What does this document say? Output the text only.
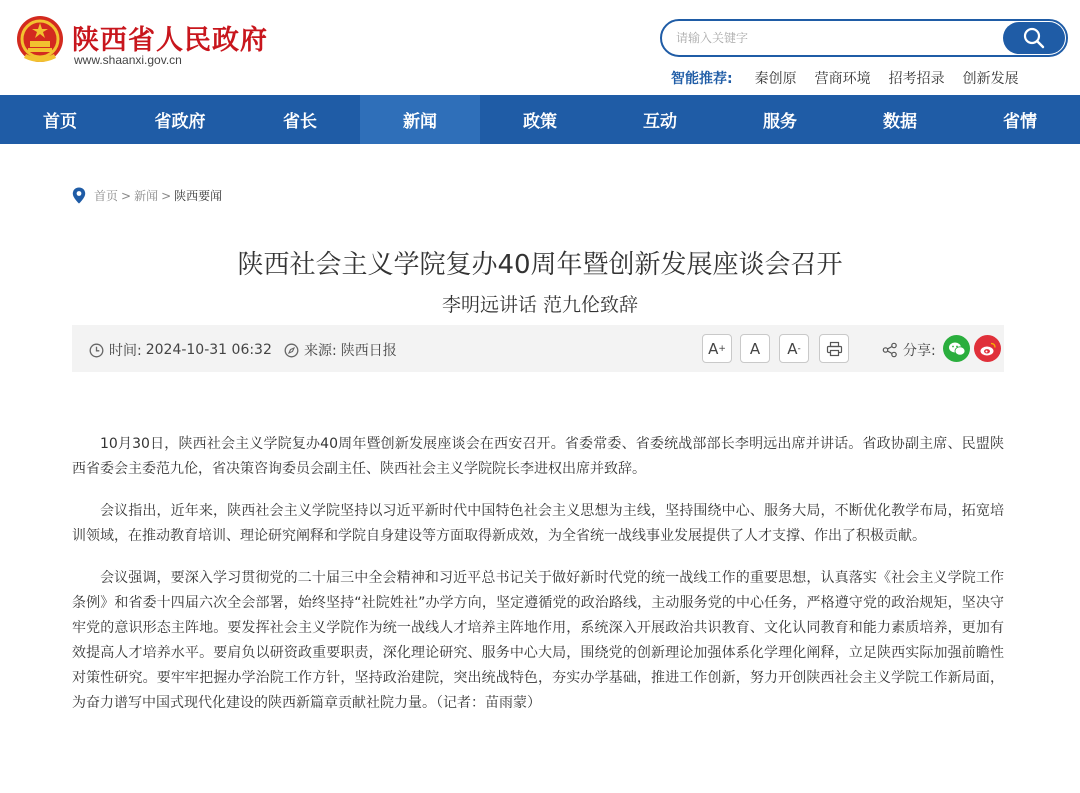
陕西省人民政府
www.shaanxi.gov.cn
请输入关键字
智能推荐: 秦创原 营商环境 招考招录 创新发展
首页	省政府	省长	新闻	政策	互动	服务	数据	省情
首页 > 新闻 > 陕西要闻
陕西社会主义学院复办40周年暨创新发展座谈会召开
李明远讲话 范九伦致辞
时间: 2024-10-31 06:32 来源: 陕西日报	A + A A -	分享:

10月30日，陕西社会主义学院复办40周年暨创新发展座谈会在西安召开。省委常委、省委统战部部长李明远出席并讲话。省政协副主席、民盟陕西省委会主委范九伦，省决策咨询委员会副主任、陕西社会主义学院院长李进权出席并致辞。

会议指出，近年来，陕西社会主义学院坚持以习近平新时代中国特色社会主义思想为主线，坚持围绕中心、服务大局，不断优化教学布局，拓宽培训领域，在推动教育培训、理论研究阐释和学院自身建设等方面取得新成效，为全省统一战线事业发展提供了人才支撑、作出了积极贡献。

会议强调，要深入学习贯彻党的二十届三中全会精神和习近平总书记关于做好新时代党的统一战线工作的重要思想，认真落实《社会主义学院工作条例》和省委十四届六次全会部署，始终坚持“社院姓社”办学方向，坚定遵循党的政治路线，主动服务党的中心任务，严格遵守党的政治规矩，坚决守牢党的意识形态主阵地。要发挥社会主义学院作为统一战线人才培养主阵地作用，系统深入开展政治共识教育、文化认同教育和能力素质培养，更加有效提高人才培养水平。要肩负以研资政重要职责，深化理论研究、服务中心大局，围绕党的创新理论加强体系化学理化阐释，立足陕西实际加强前瞻性对策性研究。要牢牢把握办学治院工作方针，坚持政治建院，突出统战特色，夯实办学基础，推进工作创新，努力开创陕西社会主义学院工作新局面，为奋力谱写中国式现代化建设的陕西新篇章贡献社院力量。（记者：苗雨蒙）
